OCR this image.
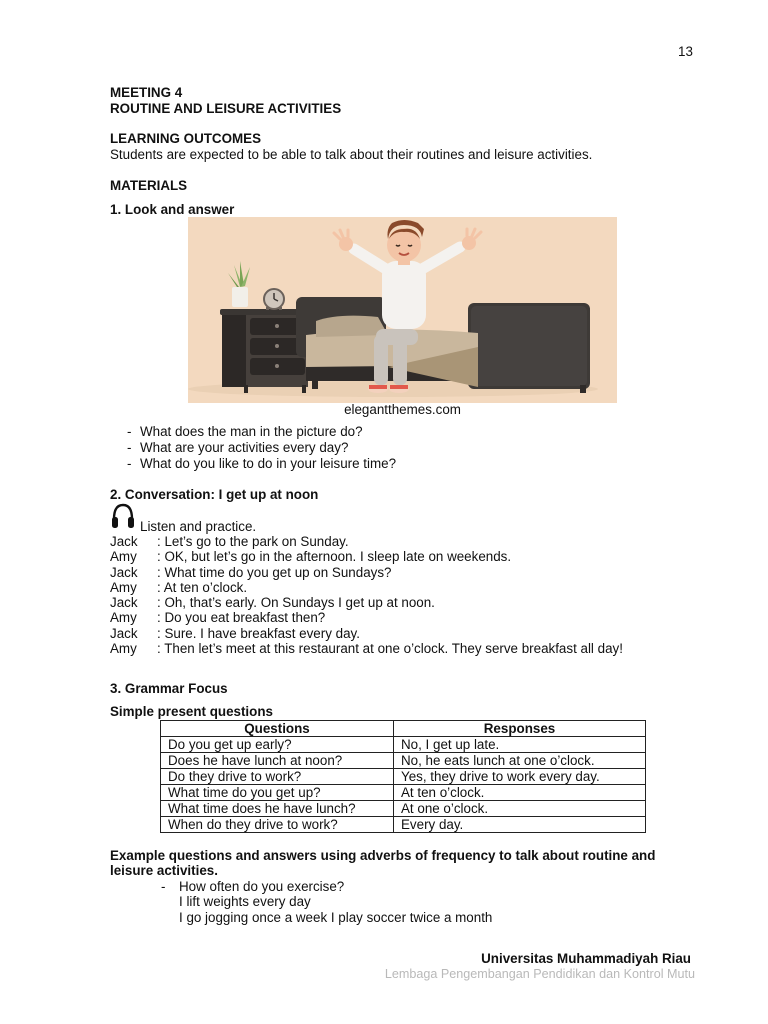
13
MEETING 4
ROUTINE AND LEISURE ACTIVITIES
LEARNING OUTCOMES
Students are expected to be able to talk about their routines and leisure activities.
MATERIALS
1. Look and answer
elegantthemes.com
- What does the man in the picture do?
- What are your activities every day?
- What do you like to do in your leisure time?
2. Conversation: I get up at noon
Listen and practice.
Jack : Let’s go to the park on Sunday.
Amy : OK, but let’s go in the afternoon. I sleep late on weekends.
Jack : What time do you get up on Sundays?
Amy : At ten o’clock.
Jack : Oh, that’s early. On Sundays I get up at noon.
Amy : Do you eat breakfast then?
Jack : Sure. I have breakfast every day.
Amy : Then let’s meet at this restaurant at one o’clock. They serve breakfast all day!
3. Grammar Focus
Simple present questions
Questions	Responses
Do you get up early?	No, I get up late.
Does he have lunch at noon?	No, he eats lunch at one o’clock.
Do they drive to work?	Yes, they drive to work every day.
What time do you get up?	At ten o’clock.
What time does he have lunch?	At one o’clock.
When do they drive to work?	Every day.
Example questions and answers using adverbs of frequency to talk about routine and
leisure activities.
- How often do you exercise?
I lift weights every day
I go jogging once a week I play soccer twice a month
Universitas Muhammadiyah Riau
Lembaga Pengembangan Pendidikan dan Kontrol Mutu
